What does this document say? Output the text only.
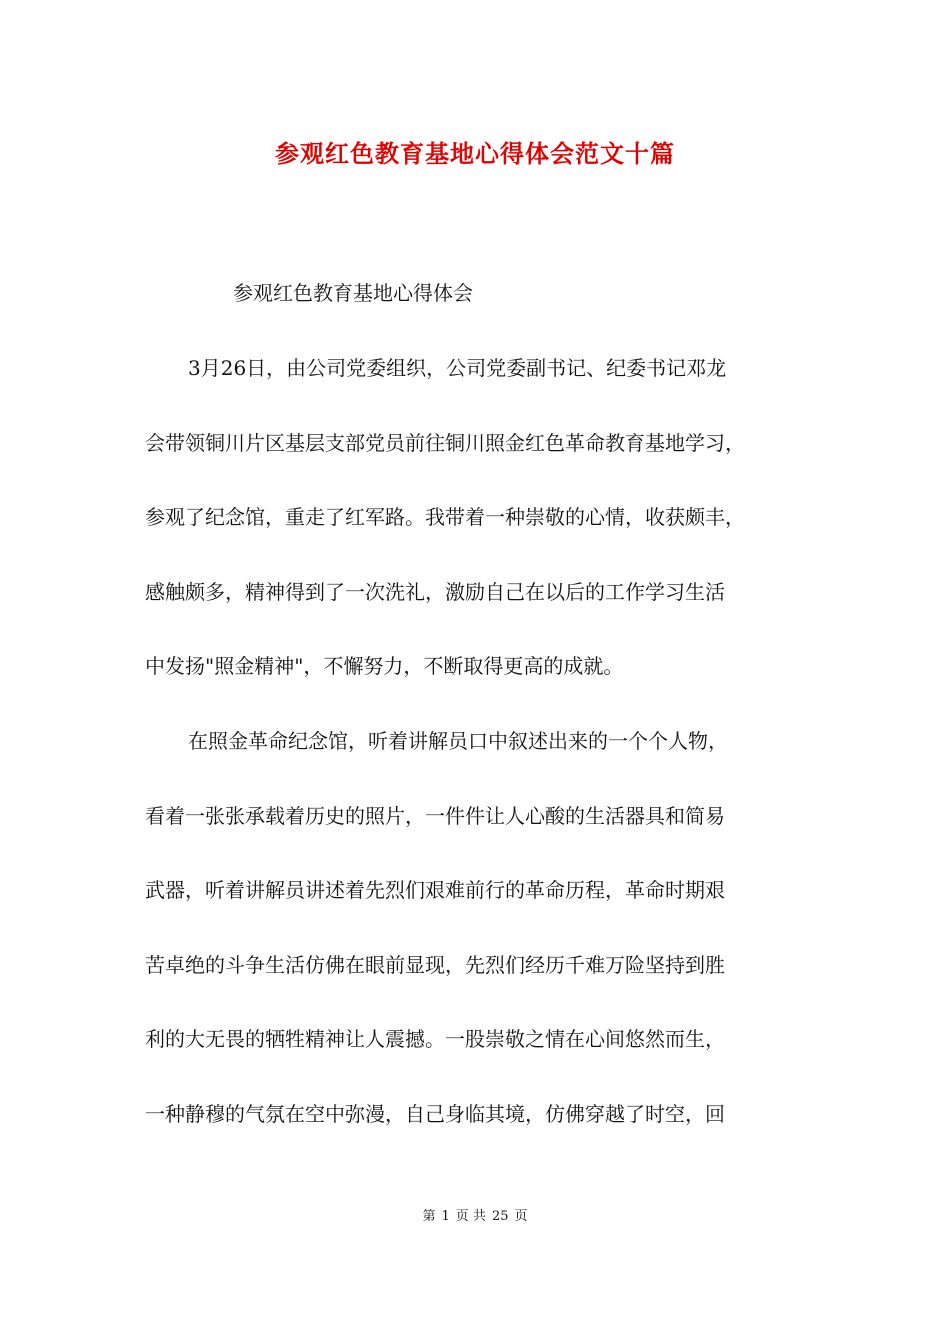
参观红色教育基地心得体会范文十篇
参观红色教育基地心得体会
3月26日，由公司党委组织，公司党委副书记、纪委书记邓龙
会带领铜川片区基层支部党员前往铜川照金红色革命教育基地学习，
参观了纪念馆，重走了红军路。我带着一种崇敬的心情，收获颇丰，
感触颇多，精神得到了一次洗礼，激励自己在以后的工作学习生活
中发扬"照金精神"，不懈努力，不断取得更高的成就。
在照金革命纪念馆，听着讲解员口中叙述出来的一个个人物，
看着一张张承载着历史的照片，一件件让人心酸的生活器具和简易
武器，听着讲解员讲述着先烈们艰难前行的革命历程，革命时期艰
苦卓绝的斗争生活仿佛在眼前显现，先烈们经历千难万险坚持到胜
利的大无畏的牺牲精神让人震撼。一股崇敬之情在心间悠然而生，
一种静穆的气氛在空中弥漫，自己身临其境，仿佛穿越了时空，回
第 1 页 共 25 页
